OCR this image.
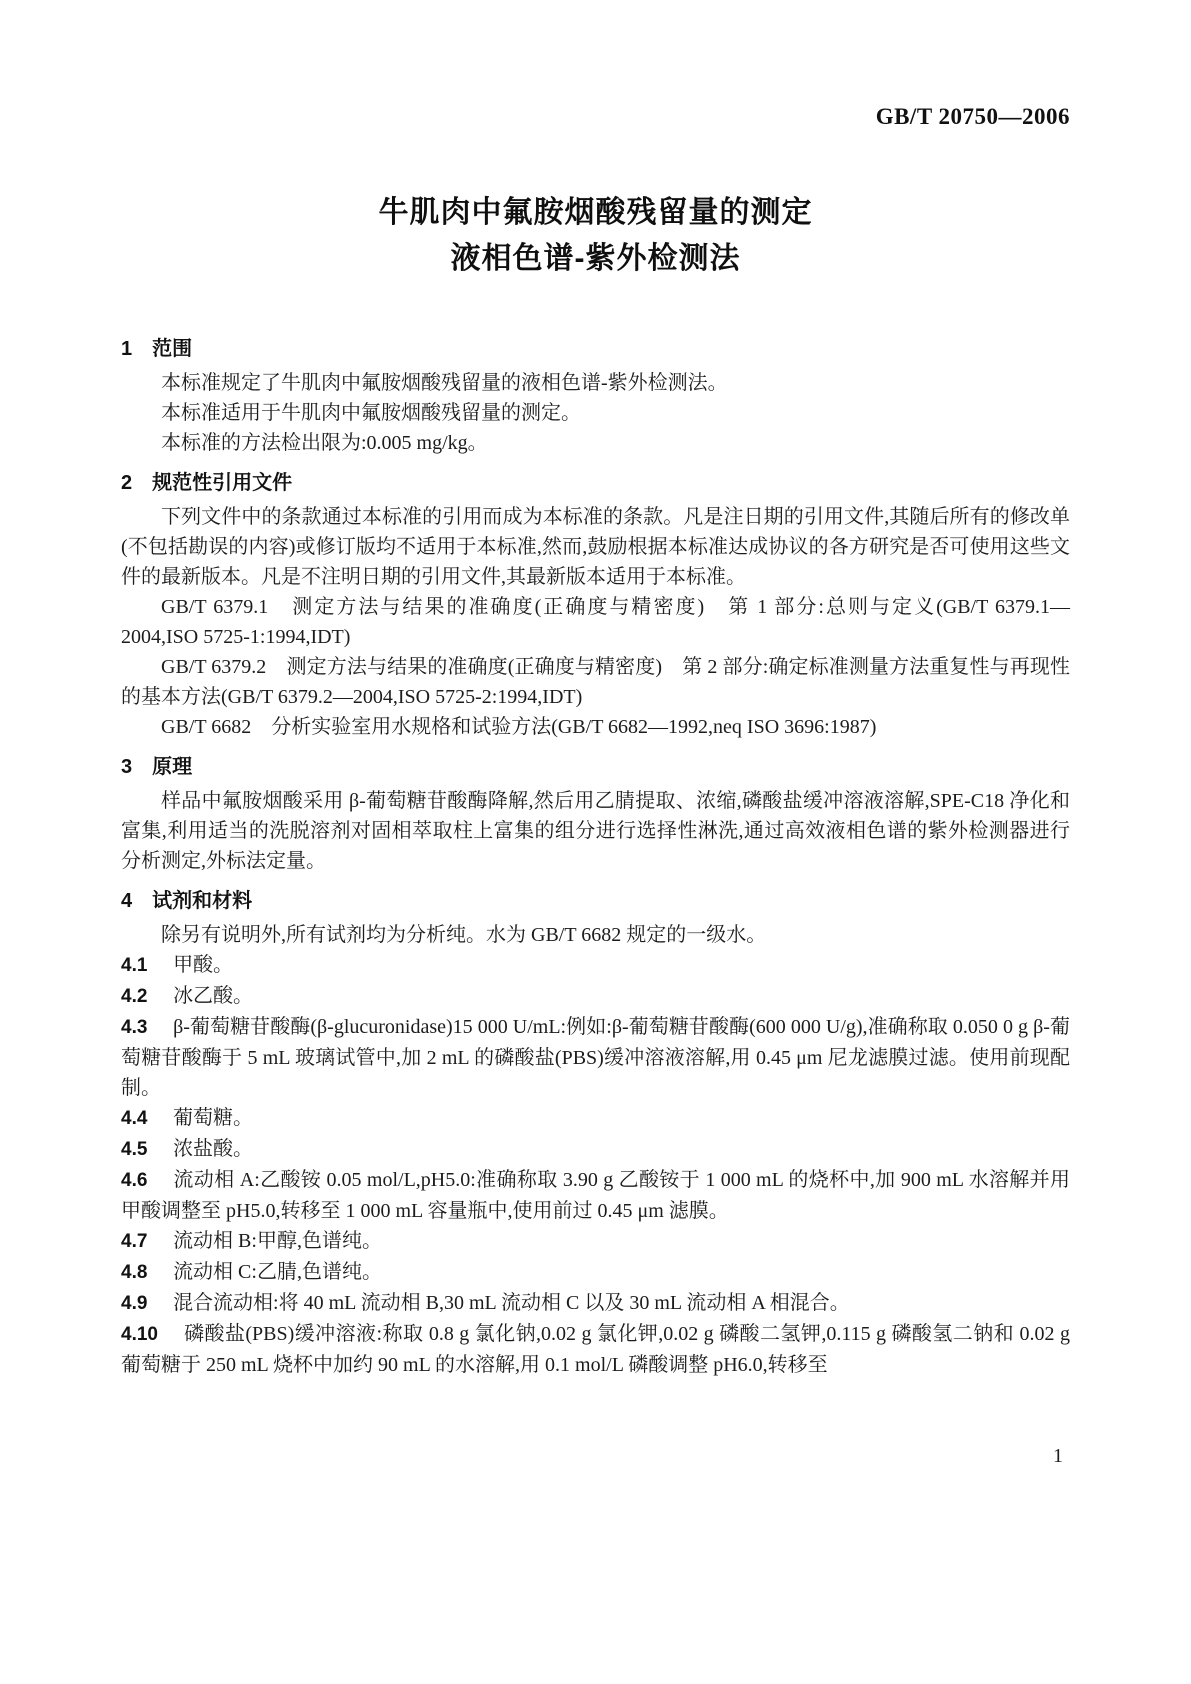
GB/T 20750—2006
牛肌肉中氟胺烟酸残留量的测定
液相色谱-紫外检测法
1 范围

本标准规定了牛肌肉中氟胺烟酸残留量的液相色谱-紫外检测法。

本标准适用于牛肌肉中氟胺烟酸残留量的测定。

本标准的方法检出限为:0.005 mg/kg。

2 规范性引用文件

下列文件中的条款通过本标准的引用而成为本标准的条款。凡是注日期的引用文件,其随后所有的修改单(不包括勘误的内容)或修订版均不适用于本标准,然而,鼓励根据本标准达成协议的各方研究是否可使用这些文件的最新版本。凡是不注明日期的引用文件,其最新版本适用于本标准。

GB/T 6379.1　测定方法与结果的准确度(正确度与精密度)　第 1 部分:总则与定义(GB/T 6379.1—2004,ISO 5725-1:1994,IDT)

GB/T 6379.2　测定方法与结果的准确度(正确度与精密度)　第 2 部分:确定标准测量方法重复性与再现性的基本方法(GB/T 6379.2—2004,ISO 5725-2:1994,IDT)

GB/T 6682　分析实验室用水规格和试验方法(GB/T 6682—1992,neq ISO 3696:1987)

3 原理

样品中氟胺烟酸采用 β-葡萄糖苷酸酶降解,然后用乙腈提取、浓缩,磷酸盐缓冲溶液溶解,SPE-C18 净化和富集,利用适当的洗脱溶剂对固相萃取柱上富集的组分进行选择性淋洗,通过高效液相色谱的紫外检测器进行分析测定,外标法定量。

4 试剂和材料

除另有说明外,所有试剂均为分析纯。水为 GB/T 6682 规定的一级水。

4.1 甲酸。

4.2 冰乙酸。

4.3 β-葡萄糖苷酸酶(β-glucuronidase)15 000 U/mL:例如:β-葡萄糖苷酸酶(600 000 U/g),准确称取 0.050 0 g β-葡萄糖苷酸酶于 5 mL 玻璃试管中,加 2 mL 的磷酸盐(PBS)缓冲溶液溶解,用 0.45 μm 尼龙滤膜过滤。使用前现配制。

4.4 葡萄糖。

4.5 浓盐酸。

4.6 流动相 A:乙酸铵 0.05 mol/L,pH5.0:准确称取 3.90 g 乙酸铵于 1 000 mL 的烧杯中,加 900 mL 水溶解并用甲酸调整至 pH5.0,转移至 1 000 mL 容量瓶中,使用前过 0.45 μm 滤膜。

4.7 流动相 B:甲醇,色谱纯。

4.8 流动相 C:乙腈,色谱纯。

4.9 混合流动相:将 40 mL 流动相 B,30 mL 流动相 C 以及 30 mL 流动相 A 相混合。

4.10 磷酸盐(PBS)缓冲溶液:称取 0.8 g 氯化钠,0.02 g 氯化钾,0.02 g 磷酸二氢钾,0.115 g 磷酸氢二钠和 0.02 g 葡萄糖于 250 mL 烧杯中加约 90 mL 的水溶解,用 0.1 mol/L 磷酸调整 pH6.0,转移至

1
